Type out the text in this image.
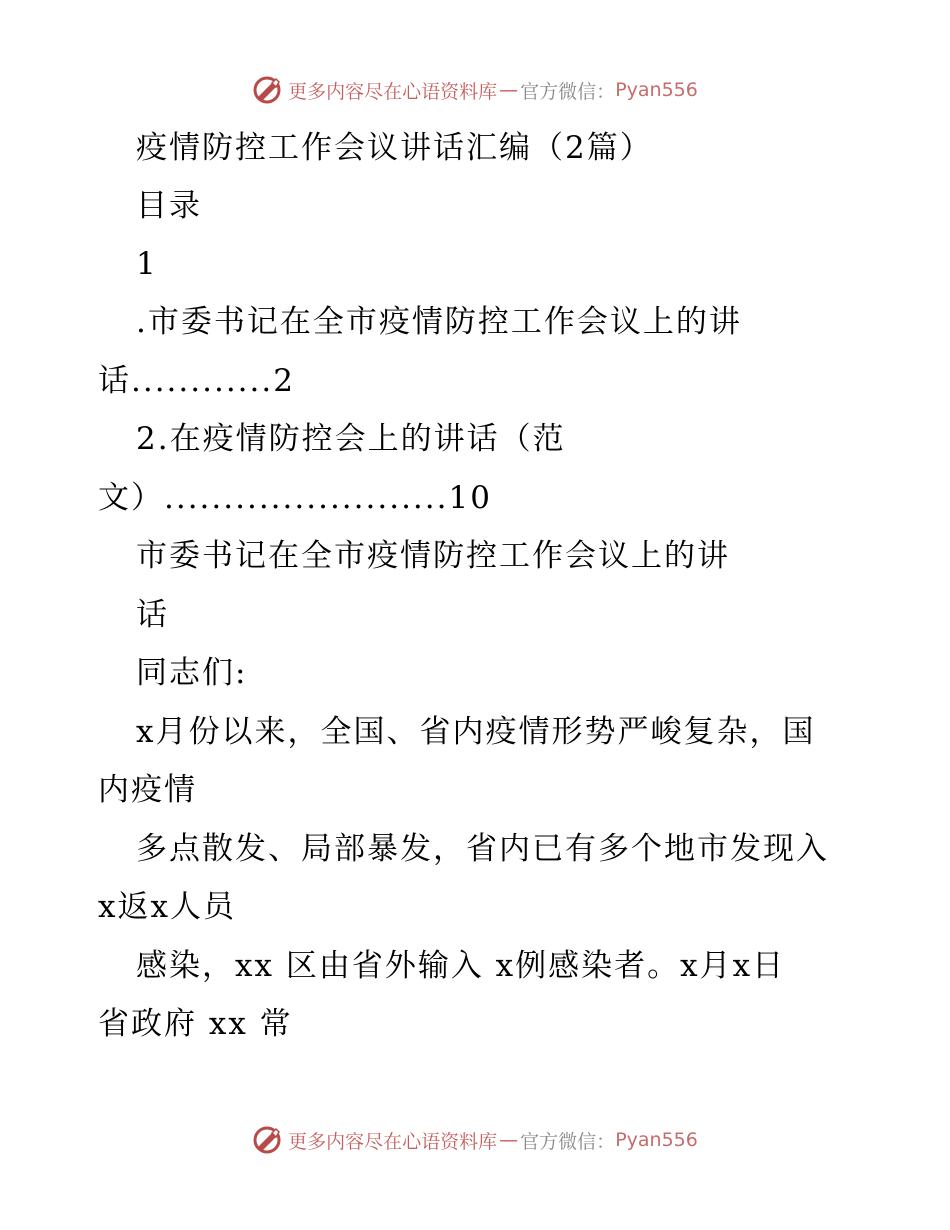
更多内容尽在心语资料库 — 官方微信： Pyan556
疫情防控工作会议讲话汇编（2篇）
目录
1
.市委书记在全市疫情防控工作会议上的讲
话............2
2.在疫情防控会上的讲话（范
文）........................10
市委书记在全市疫情防控工作会议上的讲
话
同志们:
x月份以来，全国、省内疫情形势严峻复杂，国
内疫情
多点散发、局部暴发，省内已有多个地市发现入
x返x人员
感染，xx 区由省外输入 x例感染者。x月x日
省政府 xx 常
更多内容尽在心语资料库 — 官方微信： Pyan556
